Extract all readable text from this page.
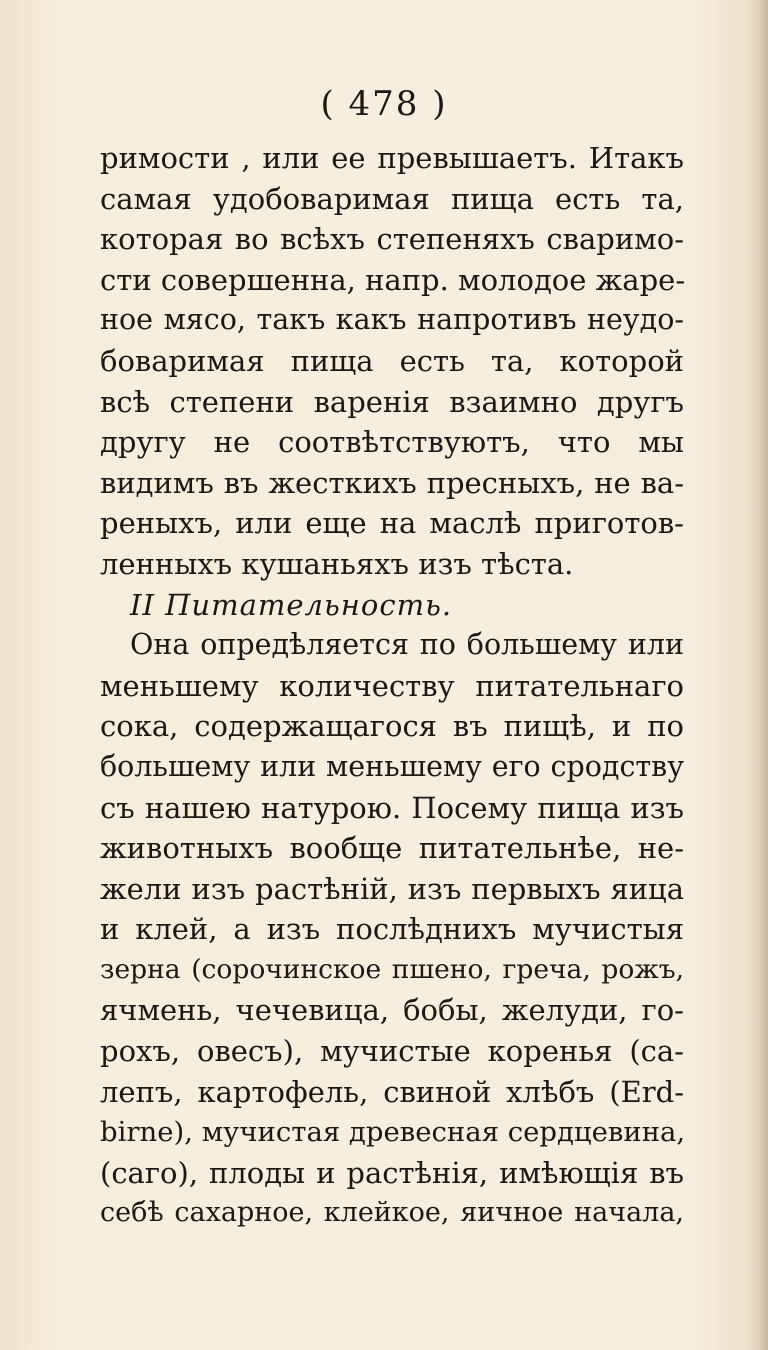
( 478 )
римости , или ее превышаетъ. Итакъ
самая удобоваримая пища есть та,
которая во всѣхъ степеняхъ сваримо-
сти совершенна, напр. молодое жаре-
ное мясо, такъ какъ напротивъ неудо-
боваримая пища есть та, которой
всѣ степени варенія взаимно другъ
другу не соотвѣтствуютъ, что мы
видимъ въ жесткихъ пресныхъ, не ва-
реныхъ, или еще на маслѣ приготов-
ленныхъ кушаньяхъ изъ тѣста.
II Питательность.
Она опредѣляется по большему или
меньшему количеству питательнаго
сока, содержащагося въ пищѣ, и по
большему или меньшему его сродству
съ нашею натурою. Посему пища изъ
животныхъ вообще питательнѣе, не-
жели изъ растѣній, изъ первыхъ яица
и клей, а изъ послѣднихъ мучистыя
зерна (сорочинское пшено, греча, рожъ,
ячмень, чечевица, бобы, желуди, го-
рохъ, овесъ), мучистые коренья (са-
лепъ, картофель, свиной хлѣбъ (Erd-
birne), мучистая древесная сердцевина,
(саго), плоды и растѣнія, имѣющія въ
себѣ сахарное, клейкое, яичное начала,
